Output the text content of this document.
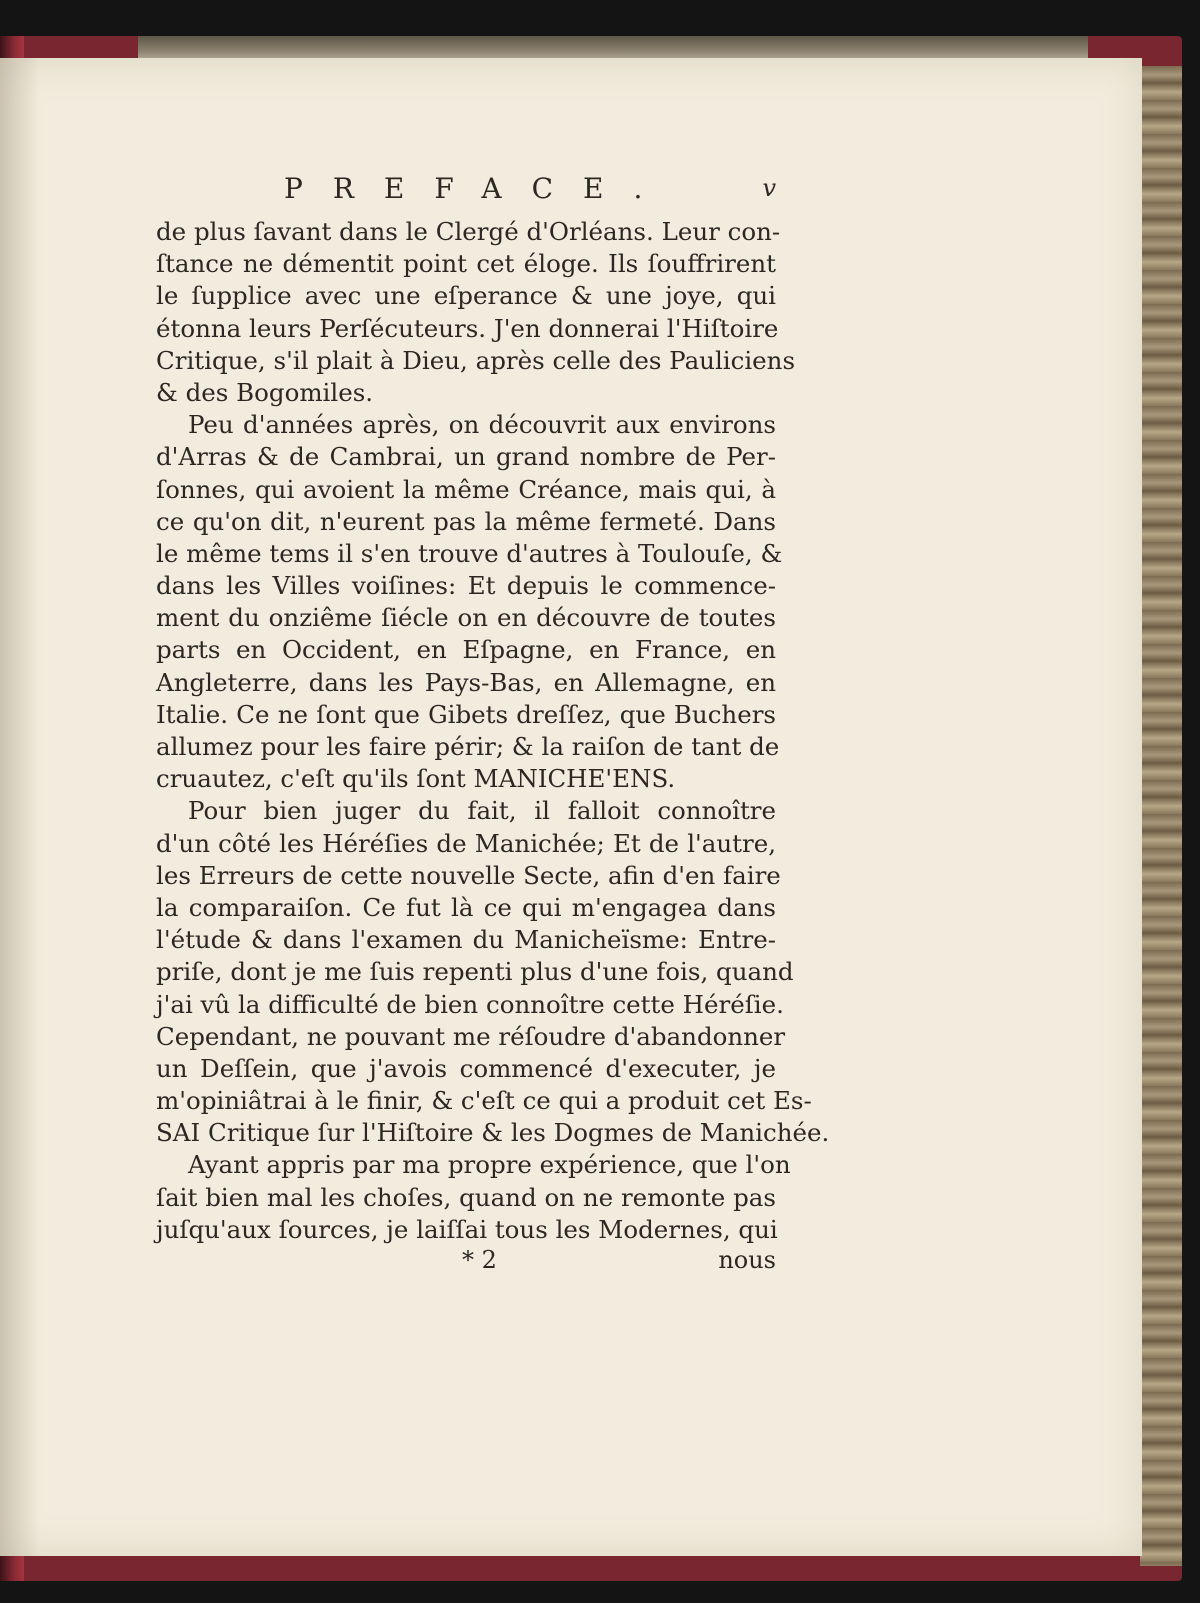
PREFACE.	v
de plus ſavant dans le Clergé d'Orléans. Leur con-
ſtance ne démentit point cet éloge. Ils ſouffrirent
le ſupplice avec une eſperance & une joye, qui
étonna leurs Perſécuteurs. J'en donnerai l'Hiſtoire
Critique, s'il plait à Dieu, après celle des Pauliciens
& des Bogomiles.
Peu d'années après, on découvrit aux environs
d'Arras & de Cambrai, un grand nombre de Per-
ſonnes, qui avoient la même Créance, mais qui, à
ce qu'on dit, n'eurent pas la même fermeté. Dans
le même tems il s'en trouve d'autres à Toulouſe, &
dans les Villes voiſines: Et depuis le commence-
ment du onziême ſiécle on en découvre de toutes
parts en Occident, en Eſpagne, en France, en
Angleterre, dans les Pays-Bas, en Allemagne, en
Italie. Ce ne ſont que Gibets dreſſez, que Buchers
allumez pour les faire périr; & la raiſon de tant de
cruautez, c'eſt qu'ils ſont MANICHE'ENS.
Pour bien juger du fait, il falloit connoître
d'un côté les Héréſies de Manichée; Et de l'autre,
les Erreurs de cette nouvelle Secte, afin d'en faire
la comparaiſon. Ce fut là ce qui m'engagea dans
l'étude & dans l'examen du Manicheïsme: Entre-
priſe, dont je me ſuis repenti plus d'une fois, quand
j'ai vû la difficulté de bien connoître cette Héréſie.
Cependant, ne pouvant me réſoudre d'abandonner
un Deſſein, que j'avois commencé d'executer, je
m'opiniâtrai à le finir, & c'eſt ce qui a produit cet Es-
SAI Critique ſur l'Hiſtoire & les Dogmes de Manichée.
Ayant appris par ma propre expérience, que l'on
ſait bien mal les choſes, quand on ne remonte pas
juſqu'aux ſources, je laiſſai tous les Modernes, qui
* 2	nous
